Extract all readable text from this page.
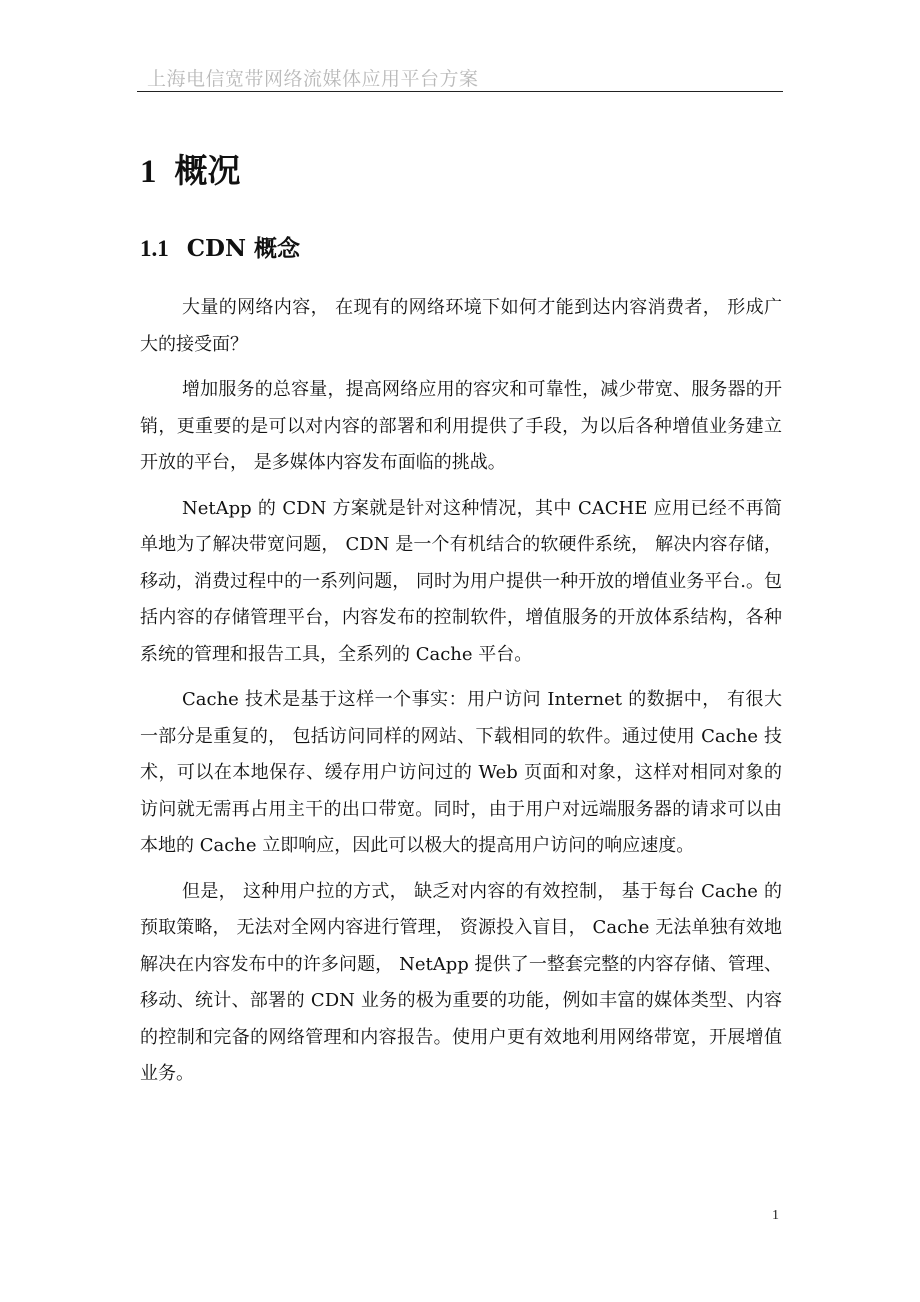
上海电信宽带网络流媒体应用平台方案
1 概况
1.1 CDN 概念

大量的网络内容， 在现有的网络环境下如何才能到达内容消费者， 形成广大的接受面？

增加服务的总容量，提高网络应用的容灾和可靠性，减少带宽、服务器的开销，更重要的是可以对内容的部署和利用提供了手段，为以后各种增值业务建立开放的平台， 是多媒体内容发布面临的挑战。

NetApp 的 CDN 方案就是针对这种情况，其中 CACHE 应用已经不再简单地为了解决带宽问题， CDN 是一个有机结合的软硬件系统， 解决内容存储，移动，消费过程中的一系列问题， 同时为用户提供一种开放的增值业务平台.。包括内容的存储管理平台，内容发布的控制软件，增值服务的开放体系结构，各种系统的管理和报告工具，全系列的 Cache 平台。

Cache 技术是基于这样一个事实：用户访问 Internet 的数据中， 有很大一部分是重复的， 包括访问同样的网站、下载相同的软件。通过使用 Cache 技术，可以在本地保存、缓存用户访问过的 Web 页面和对象，这样对相同对象的访问就无需再占用主干的出口带宽。同时，由于用户对远端服务器的请求可以由本地的 Cache 立即响应，因此可以极大的提高用户访问的响应速度。

但是， 这种用户拉的方式， 缺乏对内容的有效控制， 基于每台 Cache 的预取策略， 无法对全网内容进行管理， 资源投入盲目， Cache 无法单独有效地解决在内容发布中的许多问题， NetApp 提供了一整套完整的内容存储、管理、移动、统计、部署的 CDN 业务的极为重要的功能，例如丰富的媒体类型、内容的控制和完备的网络管理和内容报告。使用户更有效地利用网络带宽，开展增值业务。

1
